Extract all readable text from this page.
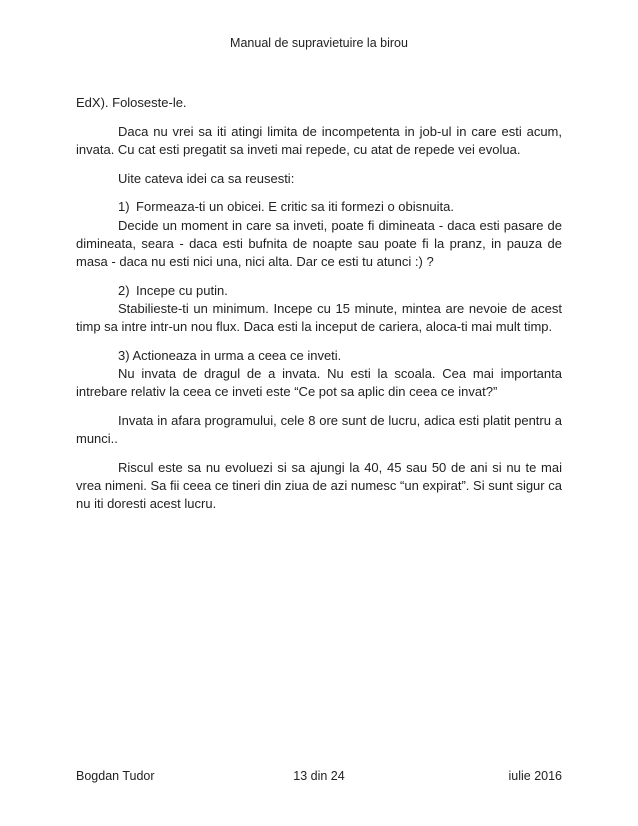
Manual de supravietuire la birou

EdX). Foloseste-le.

Daca nu vrei sa iti atingi limita de incompetenta in job-ul in care esti acum, invata. Cu cat esti pregatit sa inveti mai repede, cu atat de repede vei evolua.

Uite cateva idei ca sa reusesti:

1) Formeaza-ti un obicei. E critic sa iti formezi o obisnuita.

Decide un moment in care sa inveti, poate fi dimineata - daca esti pasare de dimineata, seara - daca esti bufnita de noapte sau poate fi la pranz, in pauza de masa - daca nu esti nici una, nici alta. Dar ce esti tu atunci :) ?

2) Incepe cu putin.

Stabilieste-ti un minimum. Incepe cu 15 minute, mintea are nevoie de acest timp sa intre intr-un nou flux. Daca esti la inceput de cariera, aloca-ti mai mult timp.

3) Actioneaza in urma a ceea ce inveti.

Nu invata de dragul de a invata. Nu esti la scoala. Cea mai importanta intrebare relativ la ceea ce inveti este “Ce pot sa aplic din ceea ce invat?”

Invata in afara programului, cele 8 ore sunt de lucru, adica esti platit pentru a munci..

Riscul este sa nu evoluezi si sa ajungi la 40, 45 sau 50 de ani si nu te mai vrea nimeni. Sa fii ceea ce tineri din ziua de azi numesc “un expirat”. Si sunt sigur ca nu iti doresti acest lucru.

Bogdan Tudor	13 din 24	iulie 2016
